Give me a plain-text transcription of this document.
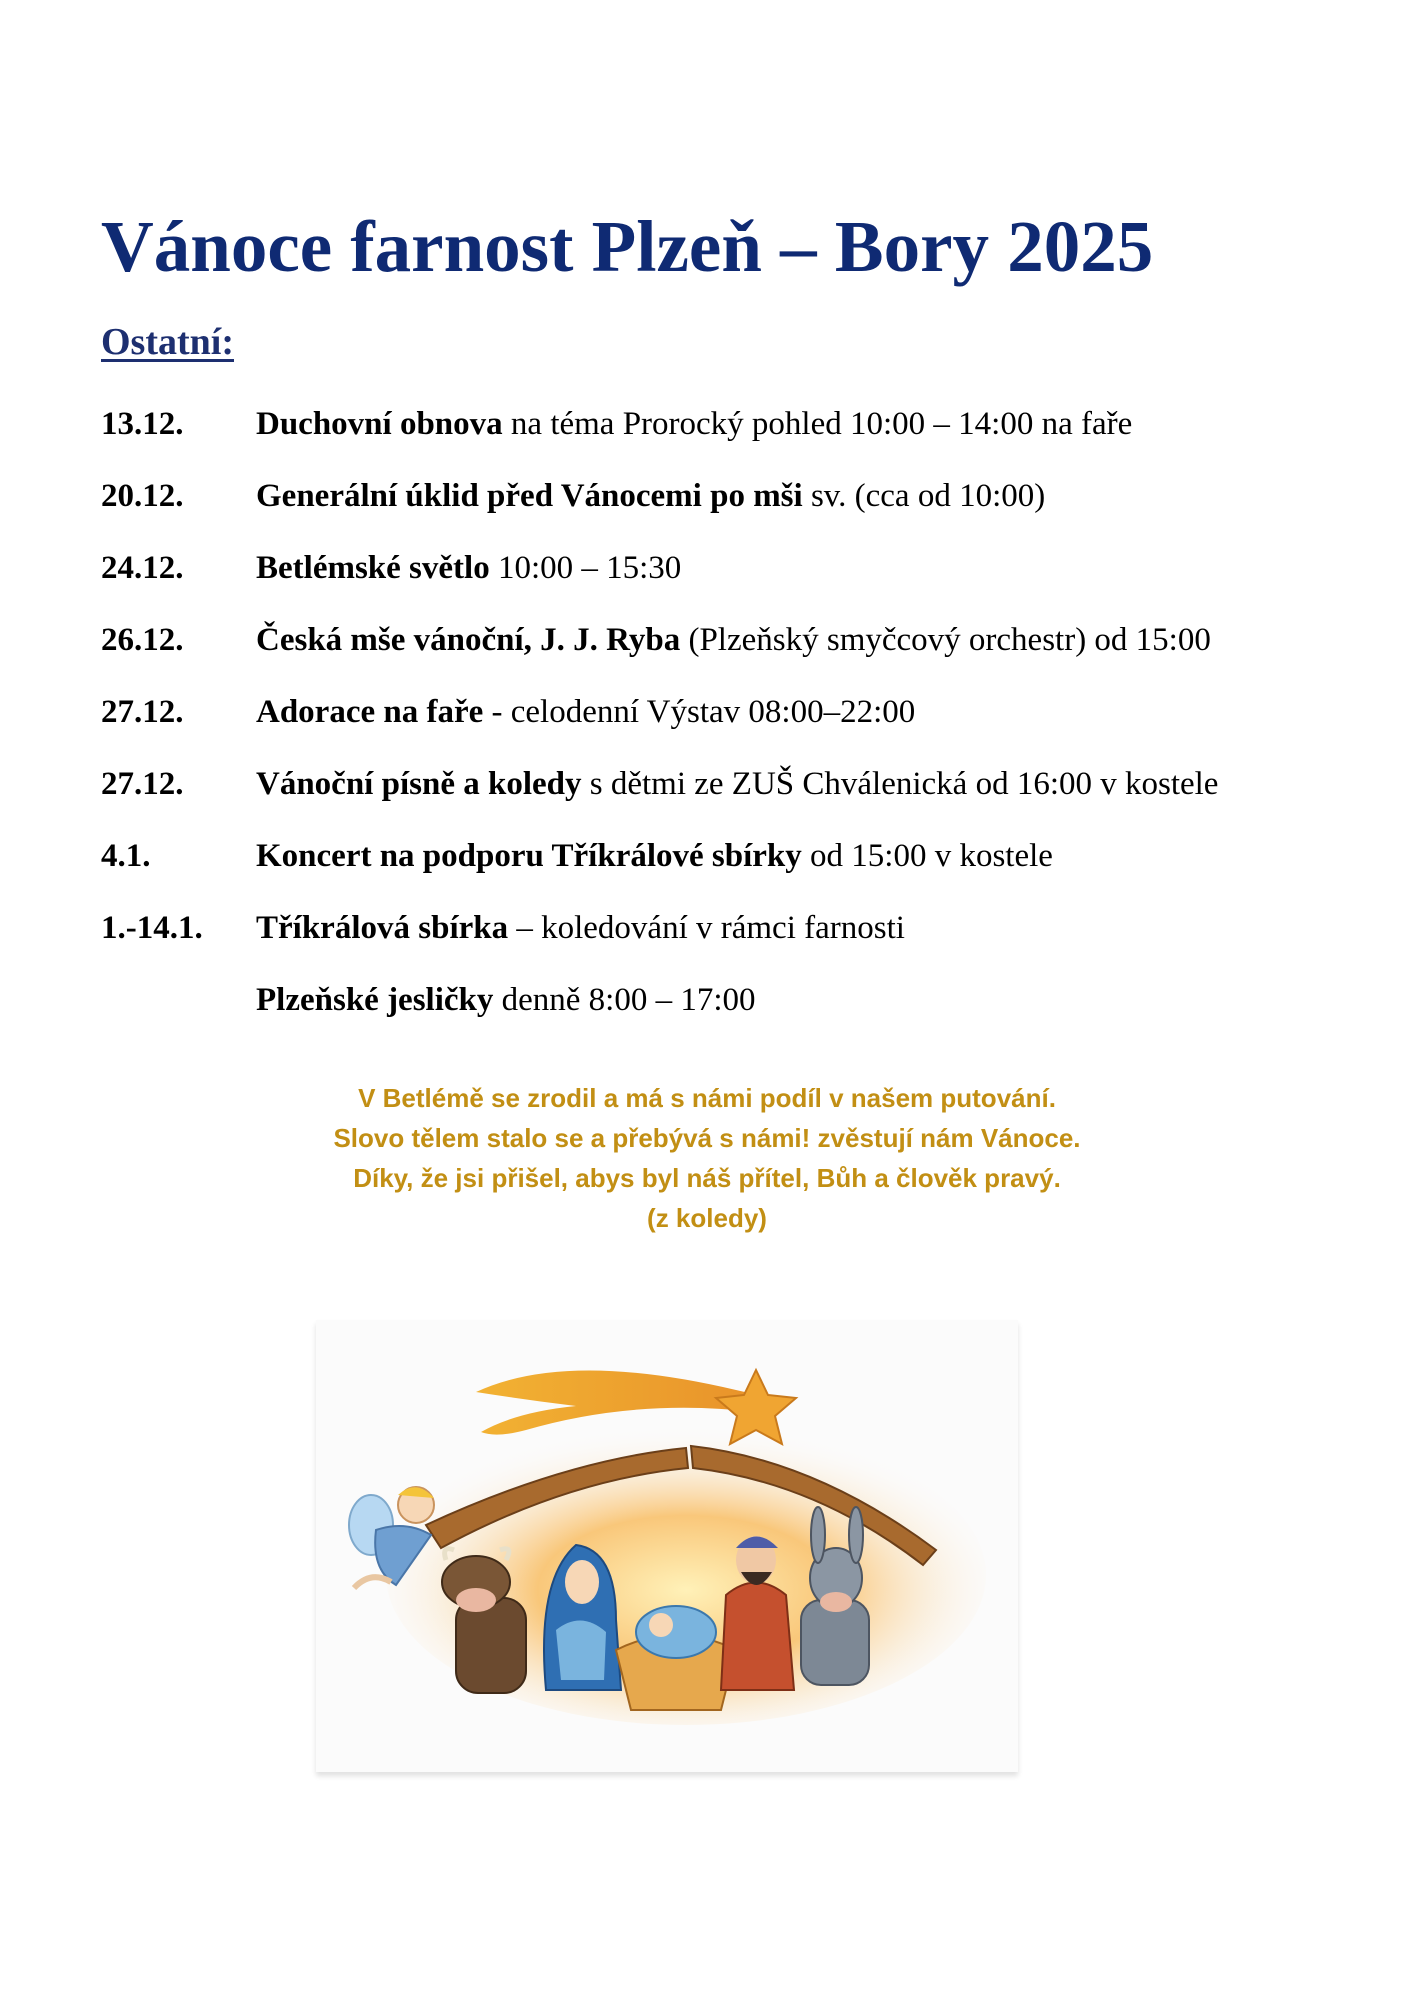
Vánoce farnost Plzeň – Bory 2025
Ostatní:
13.12.	Duchovní obnova na téma Prorocký pohled 10:00 – 14:00 na faře
20.12.	Generální úklid před Vánocemi po mši sv. (cca od 10:00)
24.12.	Betlémské světlo 10:00 – 15:30
26.12.	Česká mše vánoční, J. J. Ryba (Plzeňský smyčcový orchestr) od 15:00
27.12.	Adorace na faře - celodenní Výstav 08:00–22:00
27.12.	Vánoční písně a koledy s dětmi ze ZUŠ Chválenická od 16:00 v kostele
4.1.	Koncert na podporu Tříkrálové sbírky od 15:00 v kostele
1.-14.1.	Tříkrálová sbírka – koledování v rámci farnosti
Plzeňské jesličky denně 8:00 – 17:00
V Betlémě se zrodil a má s námi podíl v našem putování.
Slovo tělem stalo se a přebývá s námi! zvěstují nám Vánoce.
Díky, že jsi přišel, abys byl náš přítel, Bůh a člověk pravý.
(z koledy)
